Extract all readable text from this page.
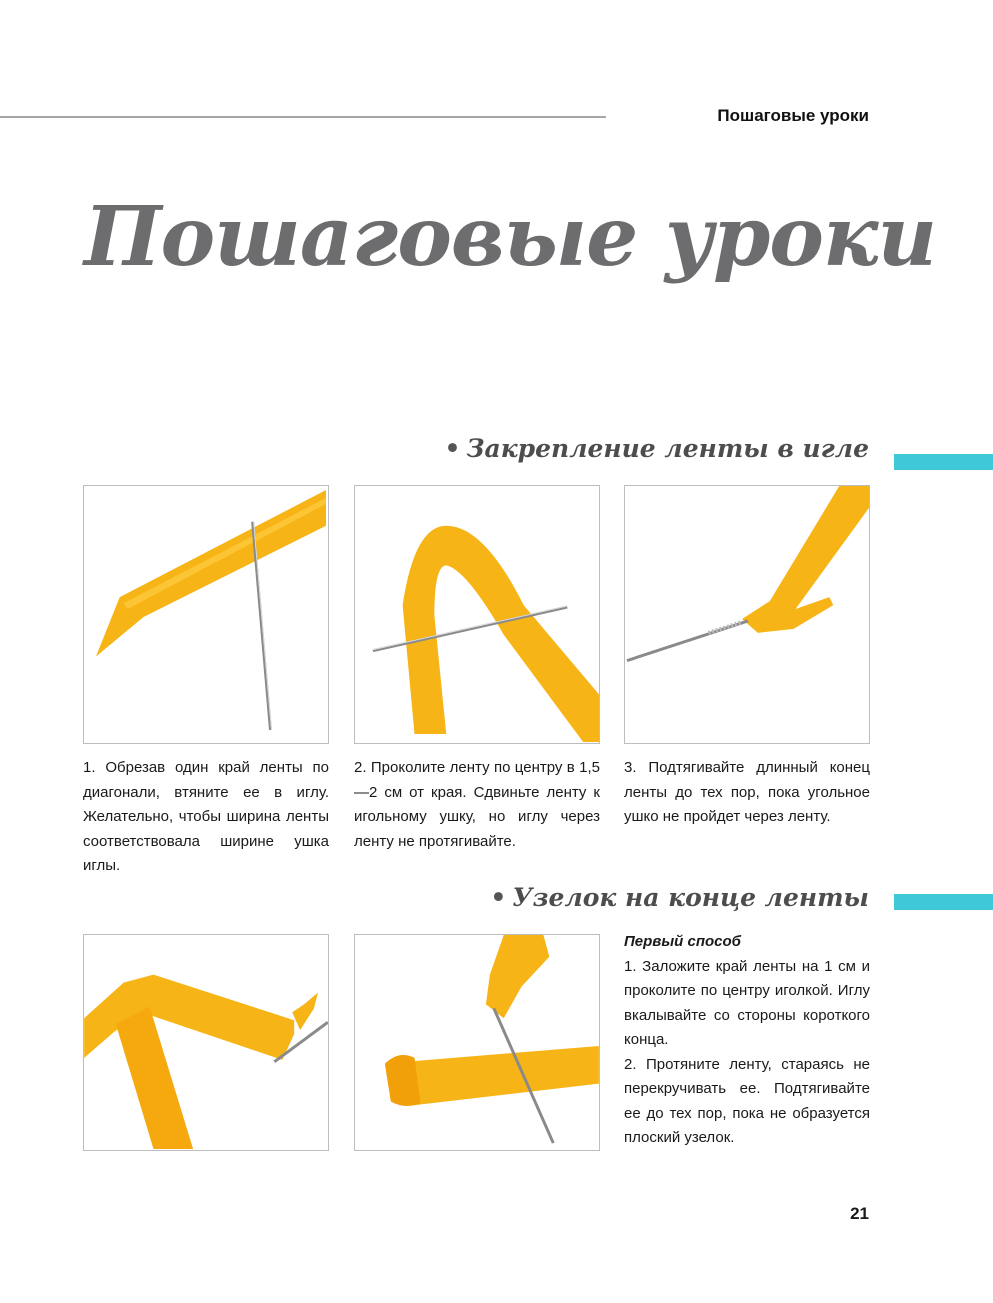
Пошаговые уроки
Пошаговые уроки
• Закрепление ленты в игле
1. Обрезав один край ленты по диагонали, втяните ее в иглу. Желательно, чтобы ширина ленты соответствовала ширине ушка иглы.
2. Проколите ленту по центру в 1,5—2 см от края. Сдвиньте ленту к игольному ушку, но иглу через ленту не протягивайте.
3. Подтягивайте длинный конец ленты до тех пор, пока угольное ушко не пройдет через ленту.
• Узелок на конце ленты
Первый способ
1. Заложите край ленты на 1 см и проколите по центру иголкой. Иглу вкалывайте со стороны короткого конца.
2. Протяните ленту, стараясь не перекручивать ее. Подтягивайте ее до тех пор, пока не образуется плоский узелок.
21
